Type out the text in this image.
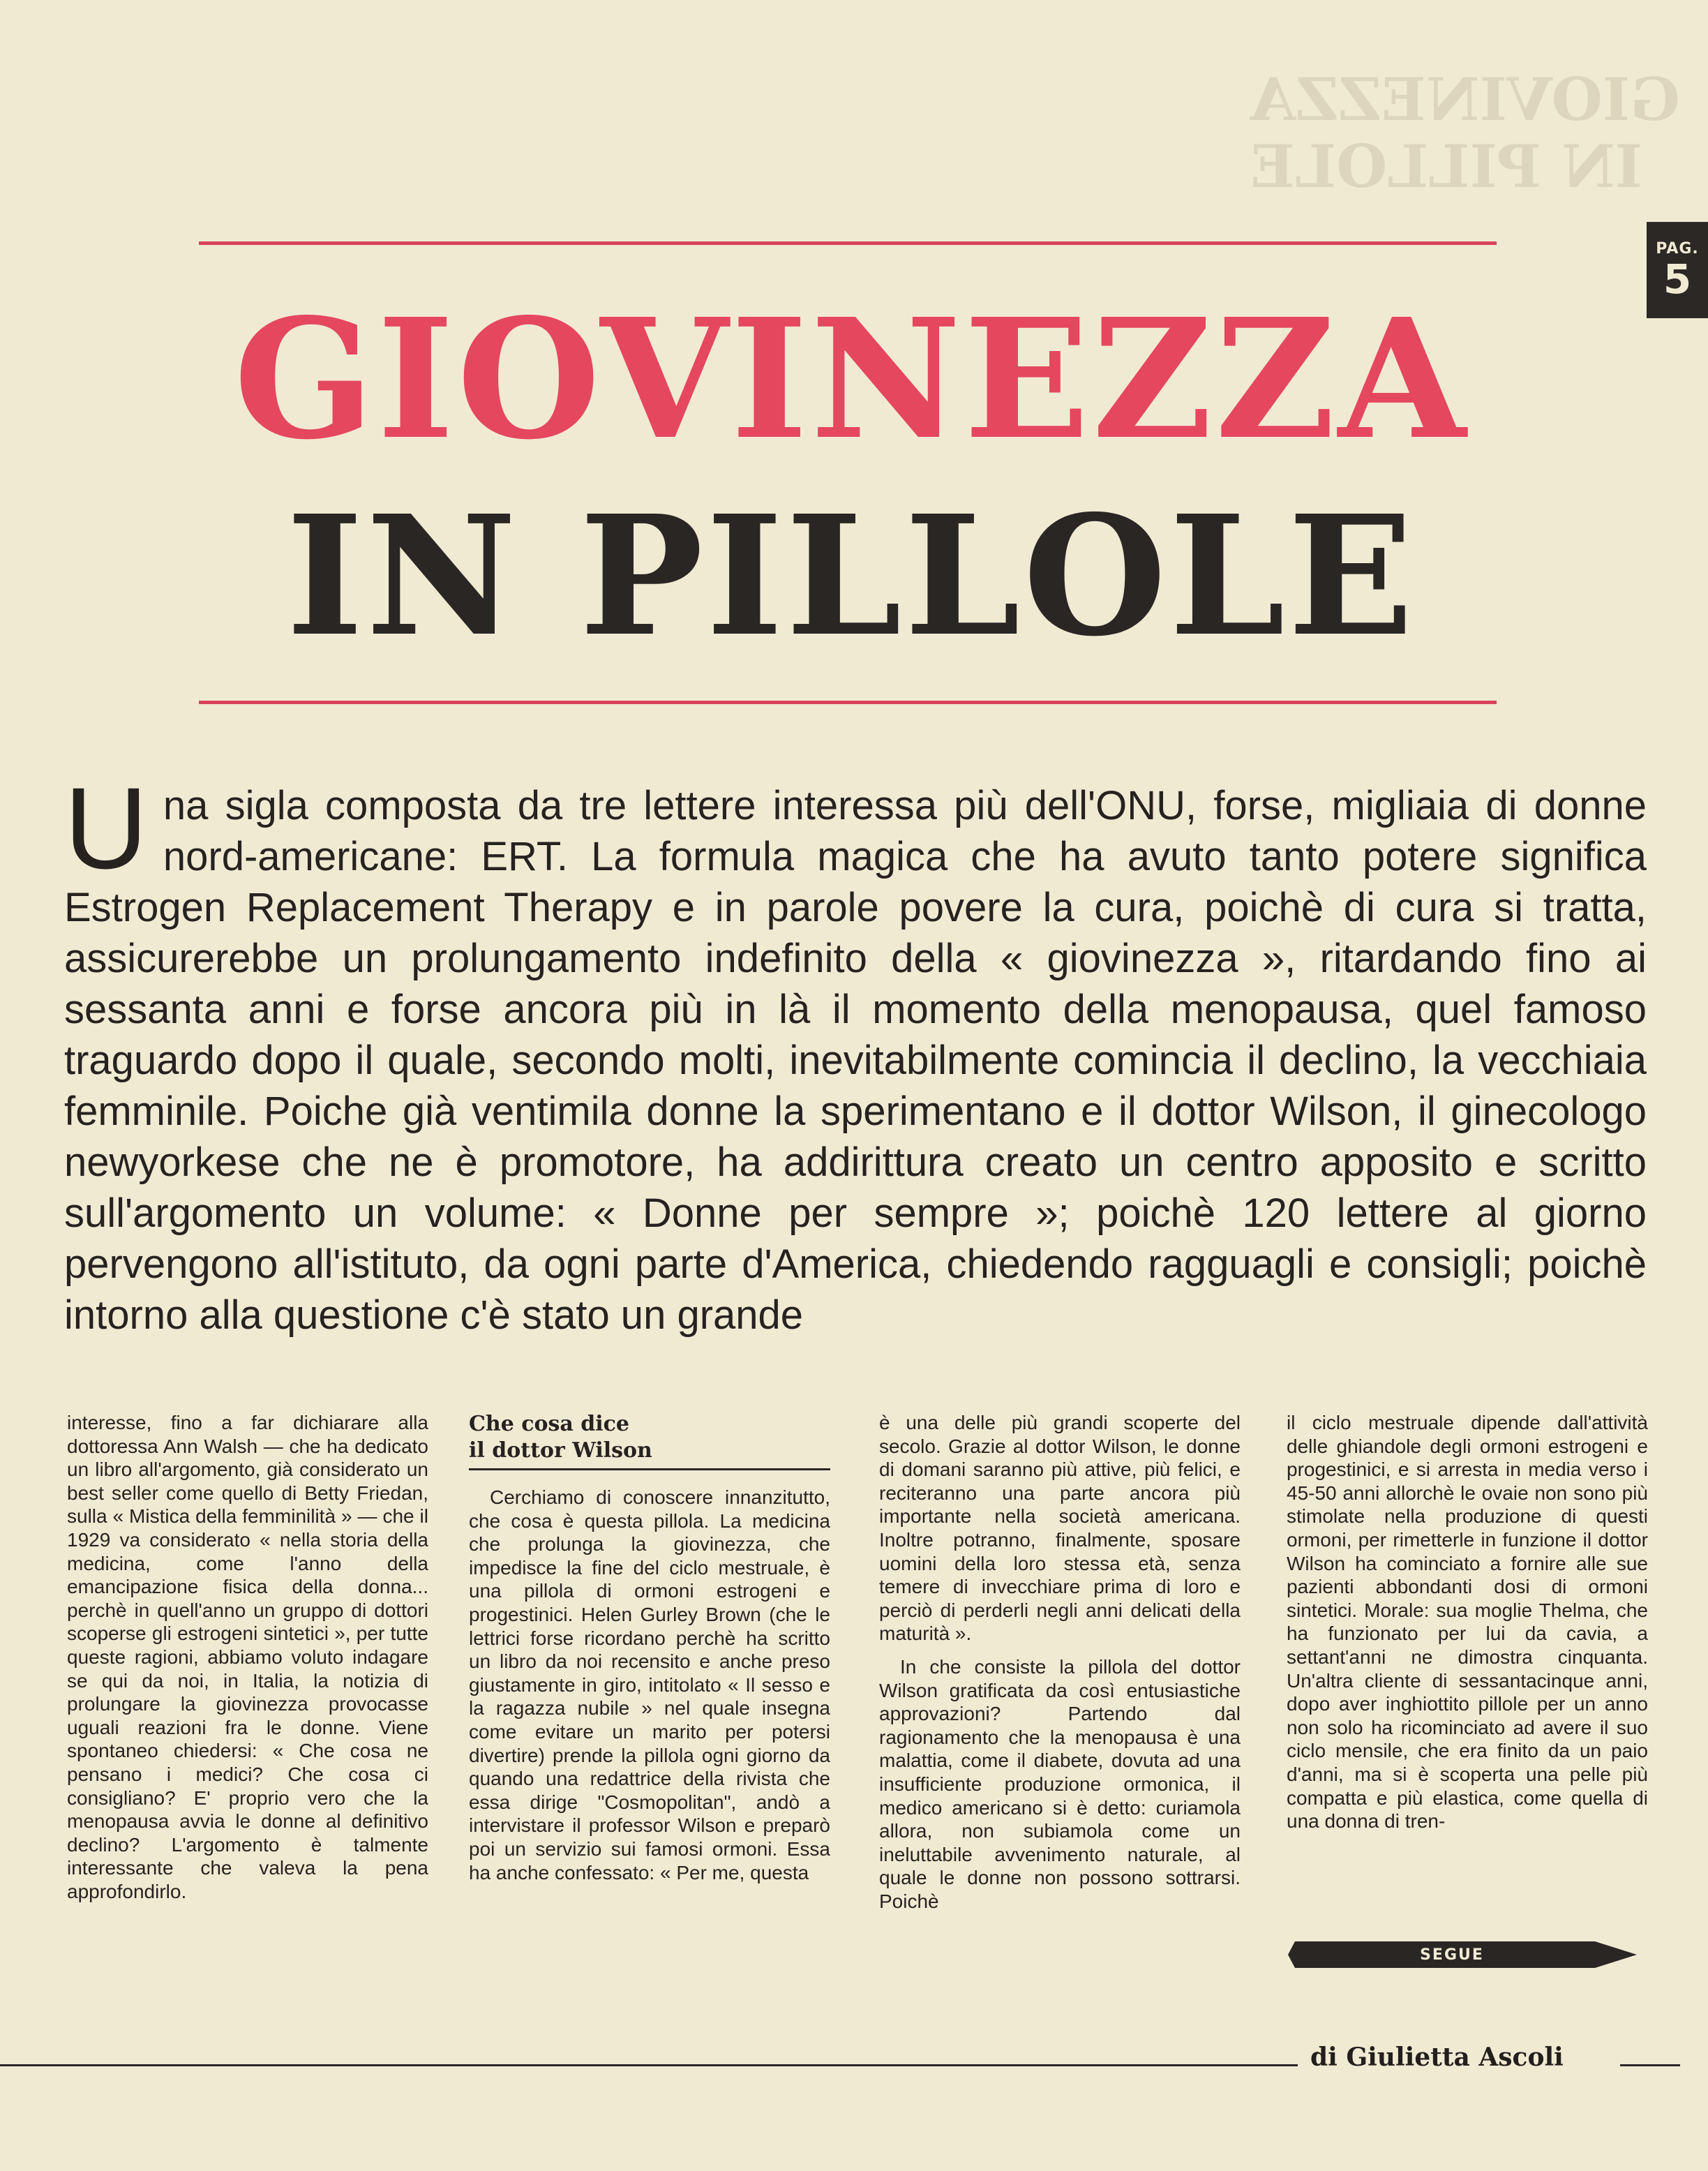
GIOVINEZZA
IN PILLOLE
PAG.
5
GIOVINEZZA
IN PILLOLE
Una sigla composta da tre lettere interessa più dell'ONU, forse, migliaia di donne nord-americane: ERT. La formula magica che ha avuto tanto potere significa Estrogen Replacement Therapy e in parole povere la cura, poichè di cura si tratta, assicurerebbe un prolungamento indefinito della « giovinezza », ritardando fino ai sessanta anni e forse ancora più in là il momento della menopausa, quel famoso traguardo dopo il quale, secondo molti, inevitabilmente comincia il declino, la vecchiaia femminile. Poiche già ventimila donne la sperimentano e il dottor Wilson, il ginecologo newyorkese che ne è promotore, ha addirittura creato un centro apposito e scritto sull'argomento un volume: « Donne per sempre »; poichè 120 lettere al giorno pervengono all'istituto, da ogni parte d'America, chiedendo ragguagli e consigli; poichè intorno alla questione c'è stato un grande

interesse, fino a far dichiarare alla dottoressa Ann Walsh — che ha dedicato un libro all'argomento, già considerato un best seller come quello di Betty Friedan, sulla « Mistica della femminilità » — che il 1929 va considerato « nella storia della medicina, come l'anno della emancipazione fisica della donna... perchè in quell'anno un gruppo di dottori scoperse gli estrogeni sintetici », per tutte queste ragioni, abbiamo voluto indagare se qui da noi, in Italia, la notizia di prolungare la giovinezza provocasse uguali reazioni fra le donne. Viene spontaneo chiedersi: « Che cosa ne pensano i medici? Che cosa ci consigliano? E' proprio vero che la menopausa avvia le donne al definitivo declino? L'argomento è talmente interessante che valeva la pena approfondirlo.

Che cosa dice
il dottor Wilson

Cerchiamo di conoscere innanzitutto, che cosa è questa pillola. La medicina che prolunga la giovinezza, che impedisce la fine del ciclo mestruale, è una pillola di ormoni estrogeni e progestinici. Helen Gurley Brown (che le lettrici forse ricordano perchè ha scritto un libro da noi recensito e anche preso giustamente in giro, intitolato « Il sesso e la ragazza nubile » nel quale insegna come evitare un marito per potersi divertire) prende la pillola ogni giorno da quando una redattrice della rivista che essa dirige "Cosmopolitan", andò a intervistare il professor Wilson e preparò poi un servizio sui famosi ormoni. Essa ha anche confessato: « Per me, questa

è una delle più grandi scoperte del secolo. Grazie al dottor Wilson, le donne di domani saranno più attive, più felici, e reciteranno una parte ancora più importante nella società americana. Inoltre potranno, finalmente, sposare uomini della loro stessa età, senza temere di invecchiare prima di loro e perciò di perderli negli anni delicati della maturità ».

In che consiste la pillola del dottor Wilson gratificata da così entusiastiche approvazioni? Partendo dal ragionamento che la menopausa è una malattia, come il diabete, dovuta ad una insufficiente produzione ormonica, il medico americano si è detto: curiamola allora, non subiamola come un ineluttabile avvenimento naturale, al quale le donne non possono sottrarsi. Poichè

il ciclo mestruale dipende dall'attività delle ghiandole degli ormoni estrogeni e progestinici, e si arresta in media verso i 45-50 anni allorchè le ovaie non sono più stimolate nella produzione di questi ormoni, per rimetterle in funzione il dottor Wilson ha cominciato a fornire alle sue pazienti abbondanti dosi di ormoni sintetici. Morale: sua moglie Thelma, che ha funzionato per lui da cavia, a settant'anni ne dimostra cinquanta. Un'altra cliente di sessantacinque anni, dopo aver inghiottito pillole per un anno non solo ha ricominciato ad avere il suo ciclo mensile, che era finito da un paio d'anni, ma si è scoperta una pelle più compatta e più elastica, come quella di una donna di tren-

SEGUE
di Giulietta Ascoli
